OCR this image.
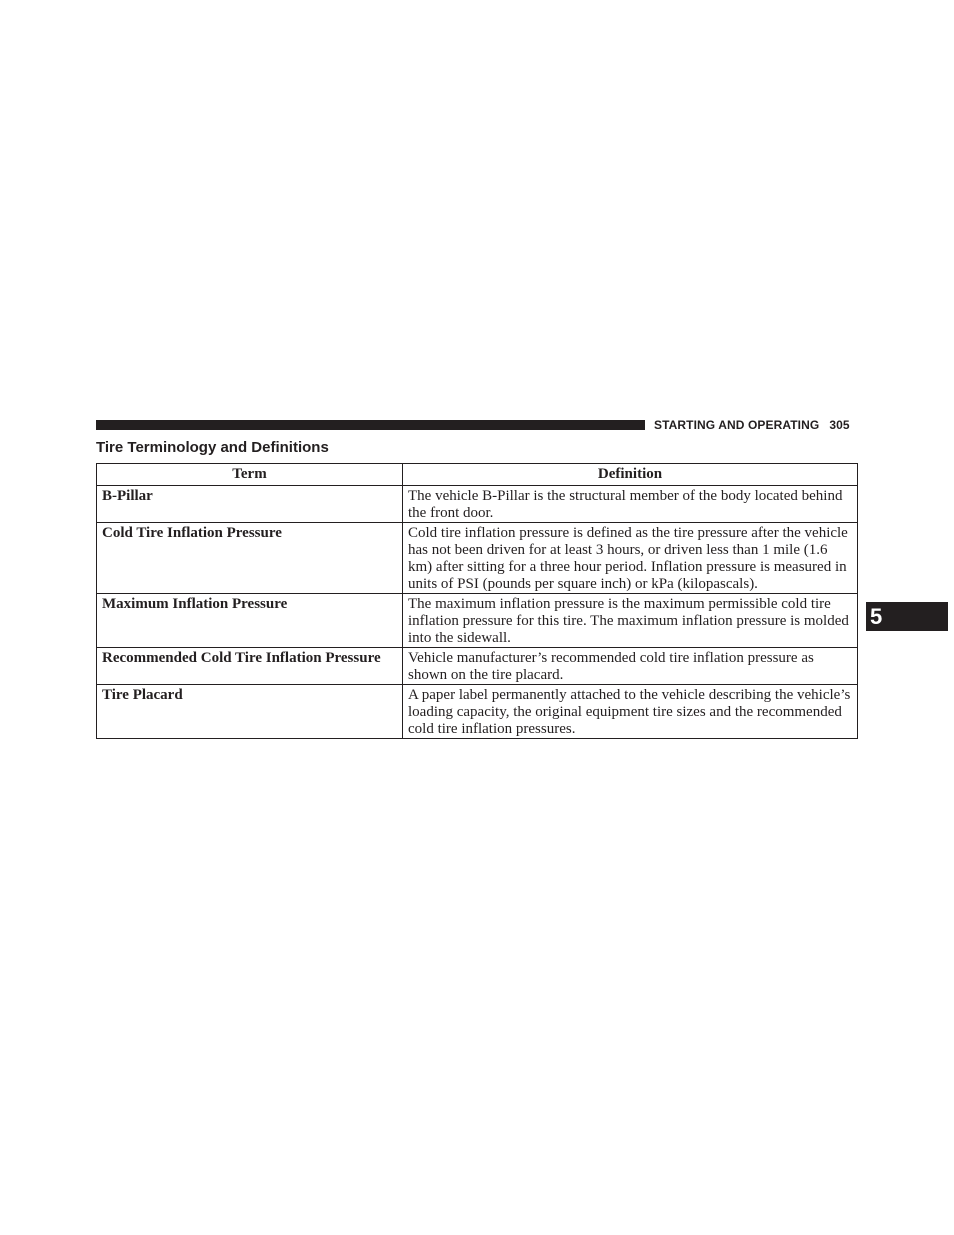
STARTING AND OPERATING 305
Tire Terminology and Definitions
Term	Definition
B-Pillar	The vehicle B-Pillar is the structural member of the body located behind the front door.
Cold Tire Inflation Pressure	Cold tire inflation pressure is defined as the tire pressure after the vehicle has not been driven for at least 3 hours, or driven less than 1 mile (1.6 km) after sitting for a three hour period. Inflation pressure is measured in units of PSI (pounds per square inch) or kPa (kilopascals).
Maximum Inflation Pressure	The maximum inflation pressure is the maximum permissible cold tire inflation pressure for this tire. The maximum inflation pressure is molded into the sidewall.
Recommended Cold Tire Inflation Pressure	Vehicle manufacturer’s recommended cold tire inflation pressure as shown on the tire placard.
Tire Placard	A paper label permanently attached to the vehicle describing the vehicle’s loading capacity, the original equipment tire sizes and the recommended cold tire inflation pressures.
5
